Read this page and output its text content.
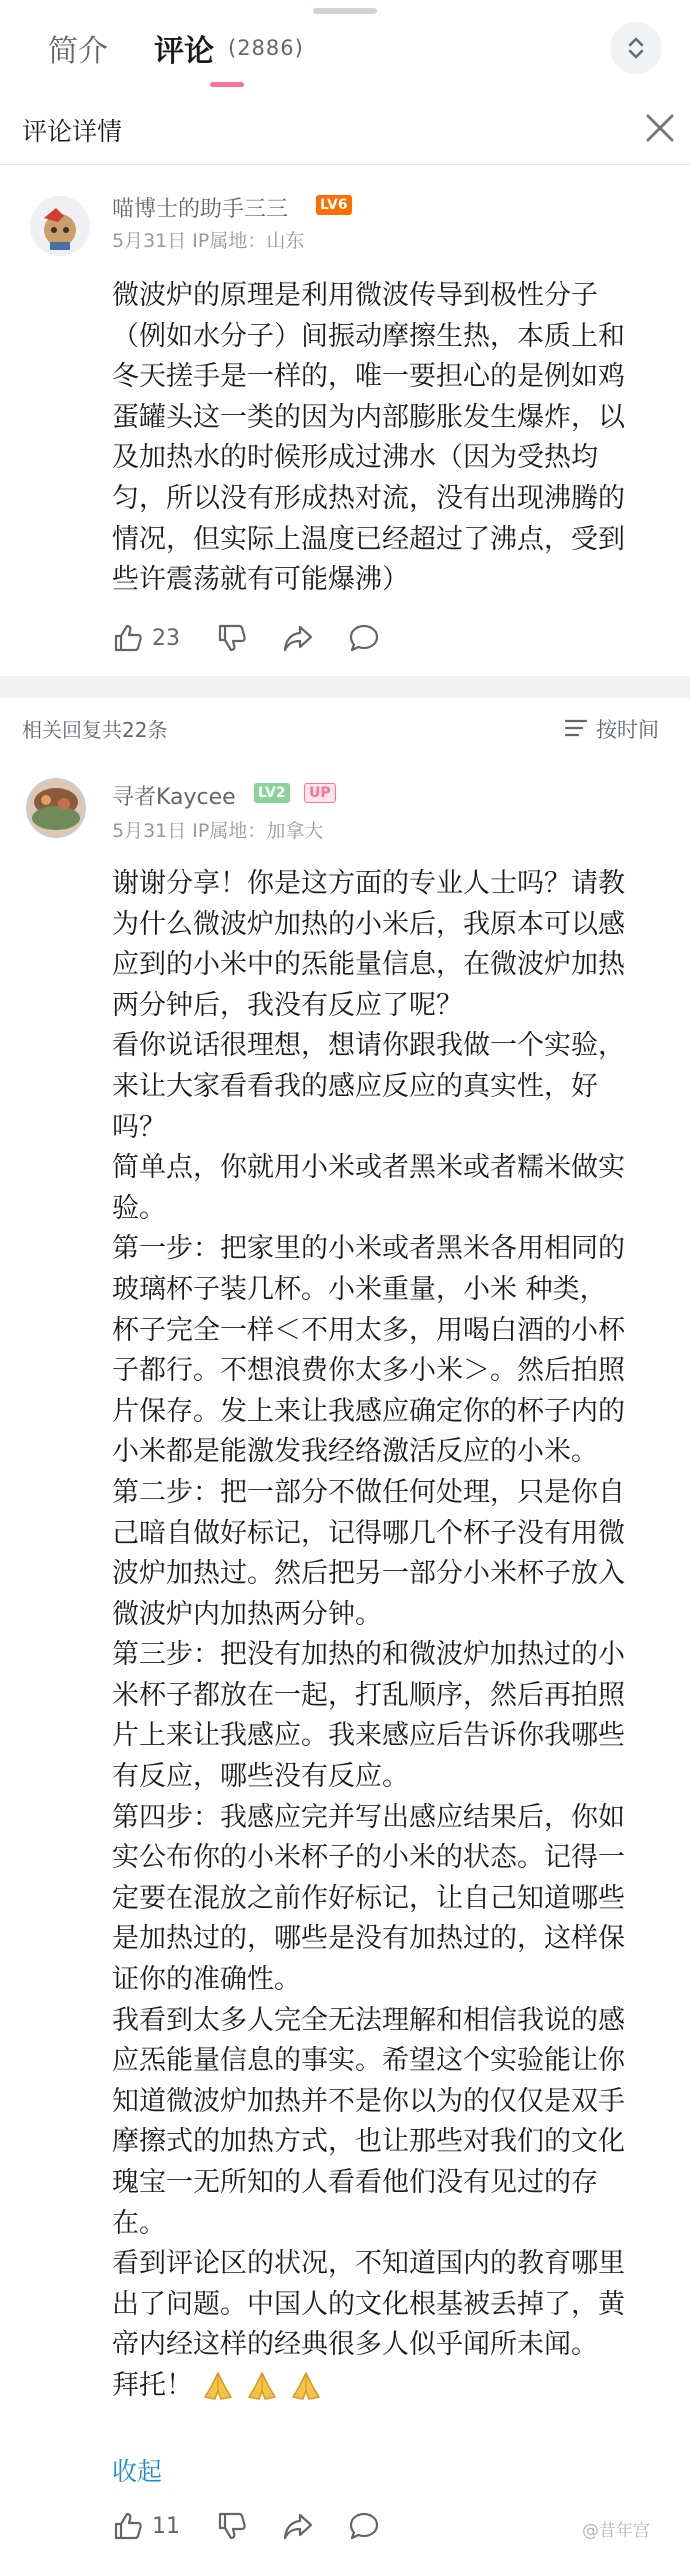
简介 评论 (2886)
评论详情
喵博士的助手三三 LV6
5月31日 IP属地：山东

微波炉的原理是利用微波传导到极性分子

（例如水分子）间振动摩擦生热，本质上和

冬天搓手是一样的，唯一要担心的是例如鸡

蛋罐头这一类的因为内部膨胀发生爆炸，以

及加热水的时候形成过沸水（因为受热均

匀，所以没有形成热对流，没有出现沸腾的

情况，但实际上温度已经超过了沸点，受到

些许震荡就有可能爆沸）

23
相关回复共22条	按时间
寻者Kaycee LV2	UP
5月31日 IP属地：加拿大

谢谢分享！你是这方面的专业人士吗？请教

为什么微波炉加热的小米后，我原本可以感

应到的小米中的炁能量信息，在微波炉加热

两分钟后，我没有反应了呢？

看你说话很理想，想请你跟我做一个实验，

来让大家看看我的感应反应的真实性，好

吗？

简单点，你就用小米或者黑米或者糯米做实

验。

第一步：把家里的小米或者黑米各用相同的

玻璃杯子装几杯。小米重量，小米 种类，

杯子完全一样＜不用太多，用喝白酒的小杯

子都行。不想浪费你太多小米＞。然后拍照

片保存。发上来让我感应确定你的杯子内的

小米都是能激发我经络激活反应的小米。

第二步：把一部分不做任何处理，只是你自

己暗自做好标记，记得哪几个杯子没有用微

波炉加热过。然后把另一部分小米杯子放入

微波炉内加热两分钟。

第三步：把没有加热的和微波炉加热过的小

米杯子都放在一起，打乱顺序，然后再拍照

片上来让我感应。我来感应后告诉你我哪些

有反应，哪些没有反应。

第四步：我感应完并写出感应结果后，你如

实公布你的小米杯子的小米的状态。记得一

定要在混放之前作好标记，让自己知道哪些

是加热过的，哪些是没有加热过的，这样保

证你的准确性。

我看到太多人完全无法理解和相信我说的感

应炁能量信息的事实。希望这个实验能让你

知道微波炉加热并不是你以为的仅仅是双手

摩擦式的加热方式，也让那些对我们的文化

瑰宝一无所知的人看看他们没有见过的存

在。

看到评论区的状况，不知道国内的教育哪里

出了问题。中国人的文化根基被丢掉了，黄

帝内经这样的经典很多人似乎闻所未闻。

拜托！

收起
11	@昔年宫
